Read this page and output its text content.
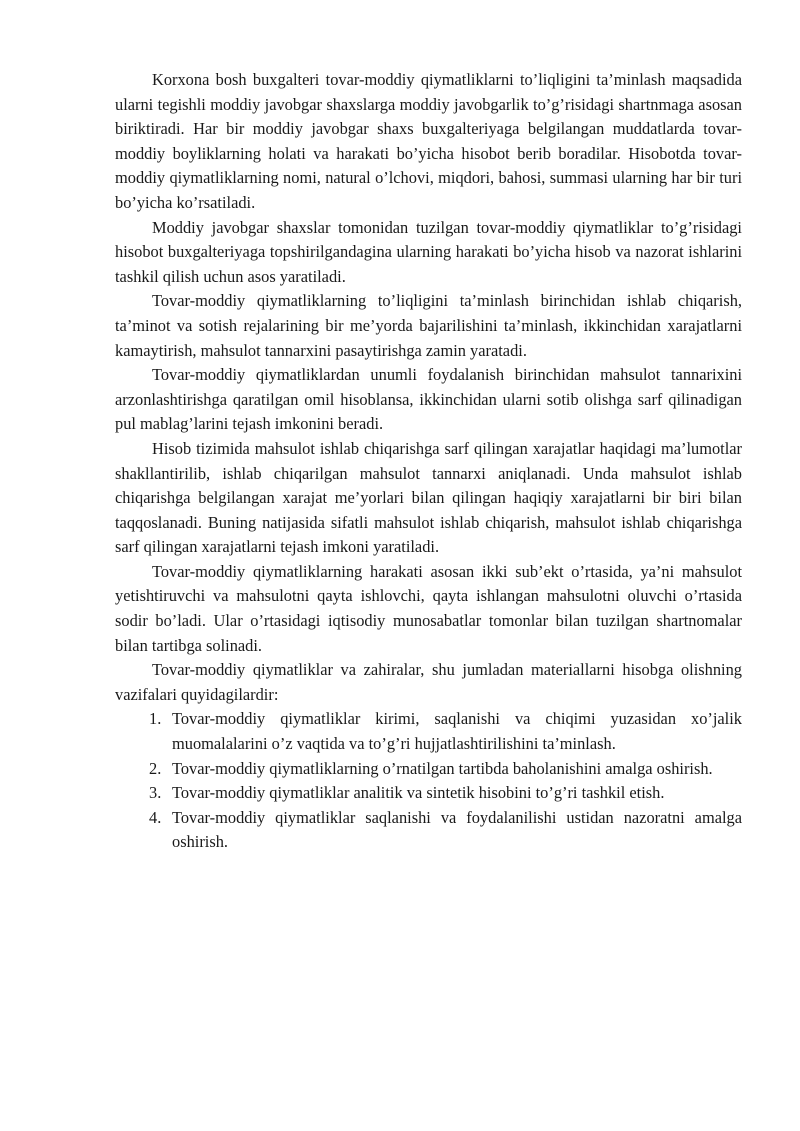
Korxona bosh buxgalteri tovar-moddiy qiymatliklarni to’liqligini ta’minlash maqsadida ularni tegishli moddiy javobgar shaxslarga moddiy javobgarlik to’g’risidagi shartnmaga asosan biriktiradi. Har bir moddiy javobgar shaxs buxgalteriyaga belgilangan muddatlarda tovar-moddiy boyliklarning holati va harakati bo’yicha hisobot berib boradilar. Hisobotda tovar-moddiy qiymatliklarning nomi, natural o’lchovi, miqdori, bahosi, summasi ularning har bir turi bo’yicha ko’rsatiladi.

Moddiy javobgar shaxslar tomonidan tuzilgan tovar-moddiy qiymatliklar to’g’risidagi hisobot buxgalteriyaga topshirilgandagina ularning harakati bo’yicha hisob va nazorat ishlarini tashkil qilish uchun asos yaratiladi.

Tovar-moddiy qiymatliklarning to’liqligini ta’minlash birinchidan ishlab chiqarish, ta’minot va sotish rejalarining bir me’yorda bajarilishini ta’minlash, ikkinchidan xarajatlarni kamaytirish, mahsulot tannarxini pasaytirishga zamin yaratadi.

Tovar-moddiy qiymatliklardan unumli foydalanish birinchidan mahsulot tannarixini arzonlashtirishga qaratilgan omil hisoblansa, ikkinchidan ularni sotib olishga sarf qilinadigan pul mablag’larini tejash imkonini beradi.

Hisob tizimida mahsulot ishlab chiqarishga sarf qilingan xarajatlar haqidagi ma’lumotlar shakllantirilib, ishlab chiqarilgan mahsulot tannarxi aniqlanadi. Unda mahsulot ishlab chiqarishga belgilangan xarajat me’yorlari bilan qilingan haqiqiy xarajatlarni bir biri bilan taqqoslanadi. Buning natijasida sifatli mahsulot ishlab chiqarish, mahsulot ishlab chiqarishga sarf qilingan xarajatlarni tejash imkoni yaratiladi.

Tovar-moddiy qiymatliklarning harakati asosan ikki sub’ekt o’rtasida, ya’ni mahsulot yetishtiruvchi va mahsulotni qayta ishlovchi, qayta ishlangan mahsulotni oluvchi o’rtasida sodir bo’ladi. Ular o’rtasidagi iqtisodiy munosabatlar tomonlar bilan tuzilgan shartnomalar bilan tartibga solinadi.

Tovar-moddiy qiymatliklar va zahiralar, shu jumladan materiallarni hisobga olishning vazifalari quyidagilardir:

1. Tovar-moddiy qiymatliklar kirimi, saqlanishi va chiqimi yuzasidan xo’jalik muomalalarini o’z vaqtida va to’g’ri hujjatlashtirilishini ta’minlash.
2. Tovar-moddiy qiymatliklarning o’rnatilgan tartibda baholanishini amalga oshirish.
3. Tovar-moddiy qiymatliklar analitik va sintetik hisobini to’g’ri tashkil etish.
4. Tovar-moddiy qiymatliklar saqlanishi va foydalanilishi ustidan nazoratni amalga oshirish.
